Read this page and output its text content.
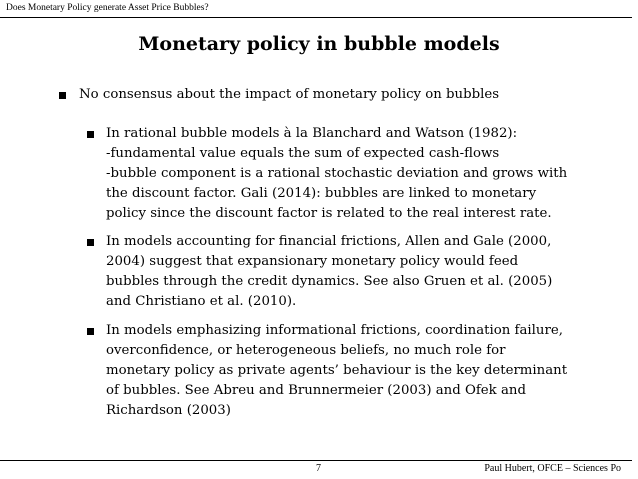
Does Monetary Policy generate Asset Price Bubbles?
Monetary policy in bubble models
No consensus about the impact of monetary policy on bubbles
In rational bubble models à la Blanchard and Watson (1982):
-fundamental value equals the sum of expected cash-flows
-bubble component is a rational stochastic deviation and grows with
the discount factor. Gali (2014): bubbles are linked to monetary
policy since the discount factor is related to the real interest rate.
In models accounting for financial frictions, Allen and Gale (2000,
2004) suggest that expansionary monetary policy would feed
bubbles through the credit dynamics. See also Gruen et al. (2005)
and Christiano et al. (2010).
In models emphasizing informational frictions, coordination failure,
overconfidence, or heterogeneous beliefs, no much role for
monetary policy as private agents’ behaviour is the key determinant
of bubbles. See Abreu and Brunnermeier (2003) and Ofek and
Richardson (2003)
7	Paul Hubert, OFCE – Sciences Po
